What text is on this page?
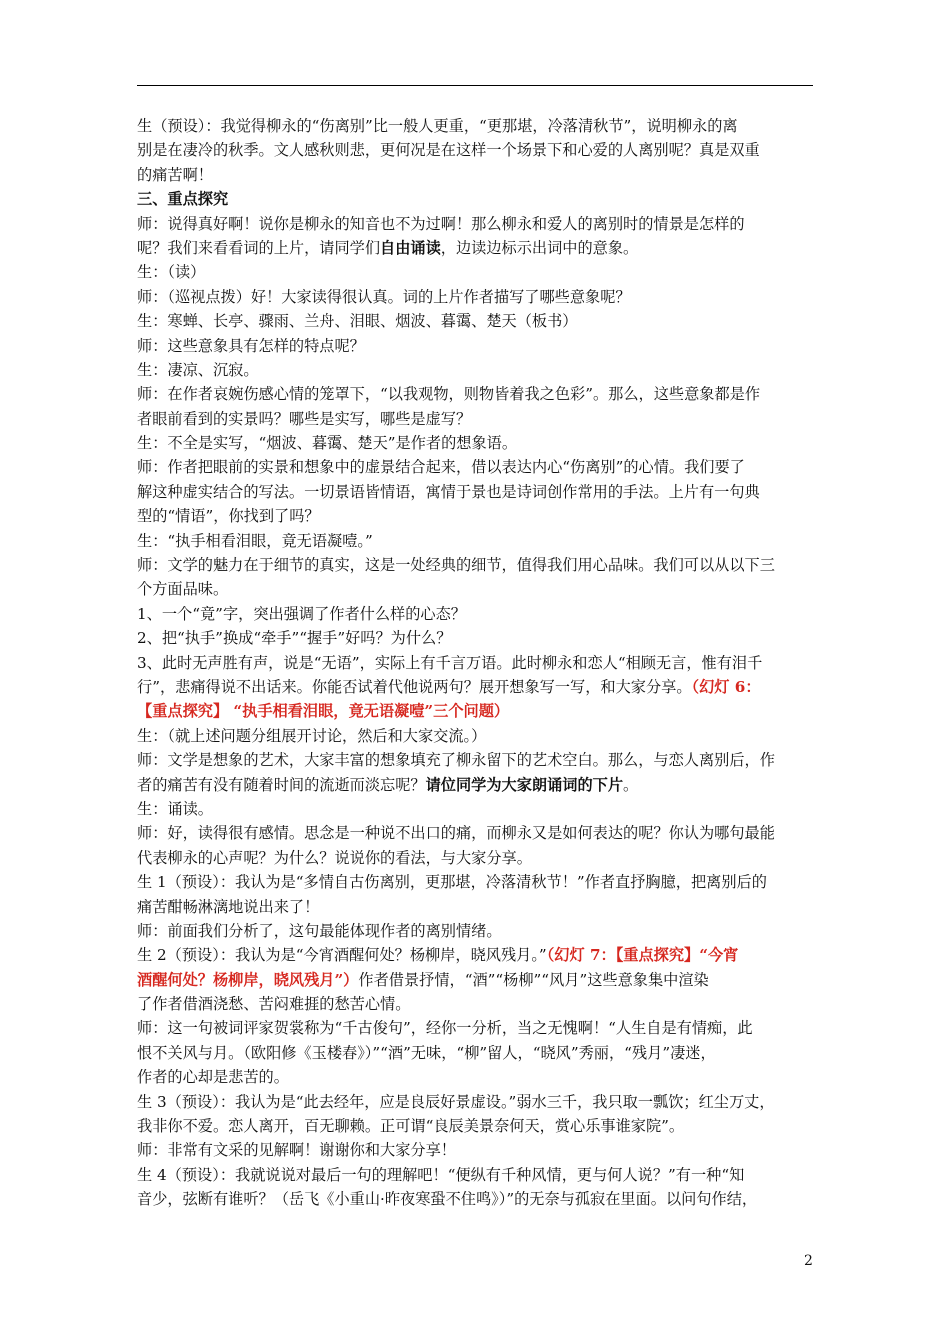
生（预设）：我觉得柳永的“伤离别”比一般人更重，“更那堪，冷落清秋节”，说明柳永的离
别是在凄冷的秋季。文人感秋则悲，更何况是在这样一个场景下和心爱的人离别呢？真是双重
的痛苦啊！
三、重点探究
师：说得真好啊！说你是柳永的知音也不为过啊！那么柳永和爱人的离别时的情景是怎样的
呢？我们来看看词的上片，请同学们自由诵读，边读边标示出词中的意象。
生：（读）
师：（巡视点拨）好！大家读得很认真。词的上片作者描写了哪些意象呢？
生：寒蝉、长亭、骤雨、兰舟、泪眼、烟波、暮霭、楚天（板书）
师：这些意象具有怎样的特点呢？
生：凄凉、沉寂。
师：在作者哀婉伤感心情的笼罩下，“以我观物，则物皆着我之色彩”。那么，这些意象都是作
者眼前看到的实景吗？哪些是实写，哪些是虚写？
生：不全是实写，“烟波、暮霭、楚天”是作者的想象语。
师：作者把眼前的实景和想象中的虚景结合起来，借以表达内心“伤离别”的心情。我们要了
解这种虚实结合的写法。一切景语皆情语，寓情于景也是诗词创作常用的手法。上片有一句典
型的“情语”，你找到了吗？
生：“执手相看泪眼，竟无语凝噎。”
师：文学的魅力在于细节的真实，这是一处经典的细节，值得我们用心品味。我们可以从以下三
个方面品味。
1、一个“竟”字，突出强调了作者什么样的心态？
2、把“执手”换成“牵手”“握手”好吗？为什么？
3、此时无声胜有声，说是“无语”，实际上有千言万语。此时柳永和恋人“相顾无言，惟有泪千
行”，悲痛得说不出话来。你能否试着代他说两句？展开想象写一写，和大家分享。（幻灯 6：
【重点探究】 “执手相看泪眼，竟无语凝噎”三个问题）
生：（就上述问题分组展开讨论，然后和大家交流。）
师：文学是想象的艺术，大家丰富的想象填充了柳永留下的艺术空白。那么，与恋人离别后，作
者的痛苦有没有随着时间的流逝而淡忘呢？请位同学为大家朗诵词的下片。
生：诵读。
师：好，读得很有感情。思念是一种说不出口的痛，而柳永又是如何表达的呢？你认为哪句最能
代表柳永的心声呢？为什么？说说你的看法，与大家分享。
生 1（预设）：我认为是“多情自古伤离别，更那堪，冷落清秋节！”作者直抒胸臆，把离别后的
痛苦酣畅淋漓地说出来了！
师：前面我们分析了，这句最能体现作者的离别情绪。
生 2（预设）：我认为是“今宵酒醒何处？杨柳岸，晓风残月。”（幻灯 7：【重点探究】“今宵
酒醒何处？杨柳岸，晓风残月”）作者借景抒情，“酒”“杨柳”“风月”这些意象集中渲染
了作者借酒浇愁、苦闷难捱的愁苦心情。
师：这一句被词评家贺裳称为“千古俊句”，经你一分析，当之无愧啊！“人生自是有情痴，此
恨不关风与月。（欧阳修《玉楼春》）”“酒”无味，“柳”留人，“晓风”秀丽，“残月”凄迷，
作者的心却是悲苦的。
生 3（预设）：我认为是“此去经年，应是良辰好景虚设。”弱水三千，我只取一瓢饮；红尘万丈，
我非你不爱。恋人离开，百无聊赖。正可谓“良辰美景奈何天，赏心乐事谁家院”。
师：非常有文采的见解啊！谢谢你和大家分享！
生 4（预设）：我就说说对最后一句的理解吧！“便纵有千种风情，更与何人说？”有一种“知
音少，弦断有谁听？（岳飞《小重山·昨夜寒蛩不住鸣》）”的无奈与孤寂在里面。以问句作结，
2
